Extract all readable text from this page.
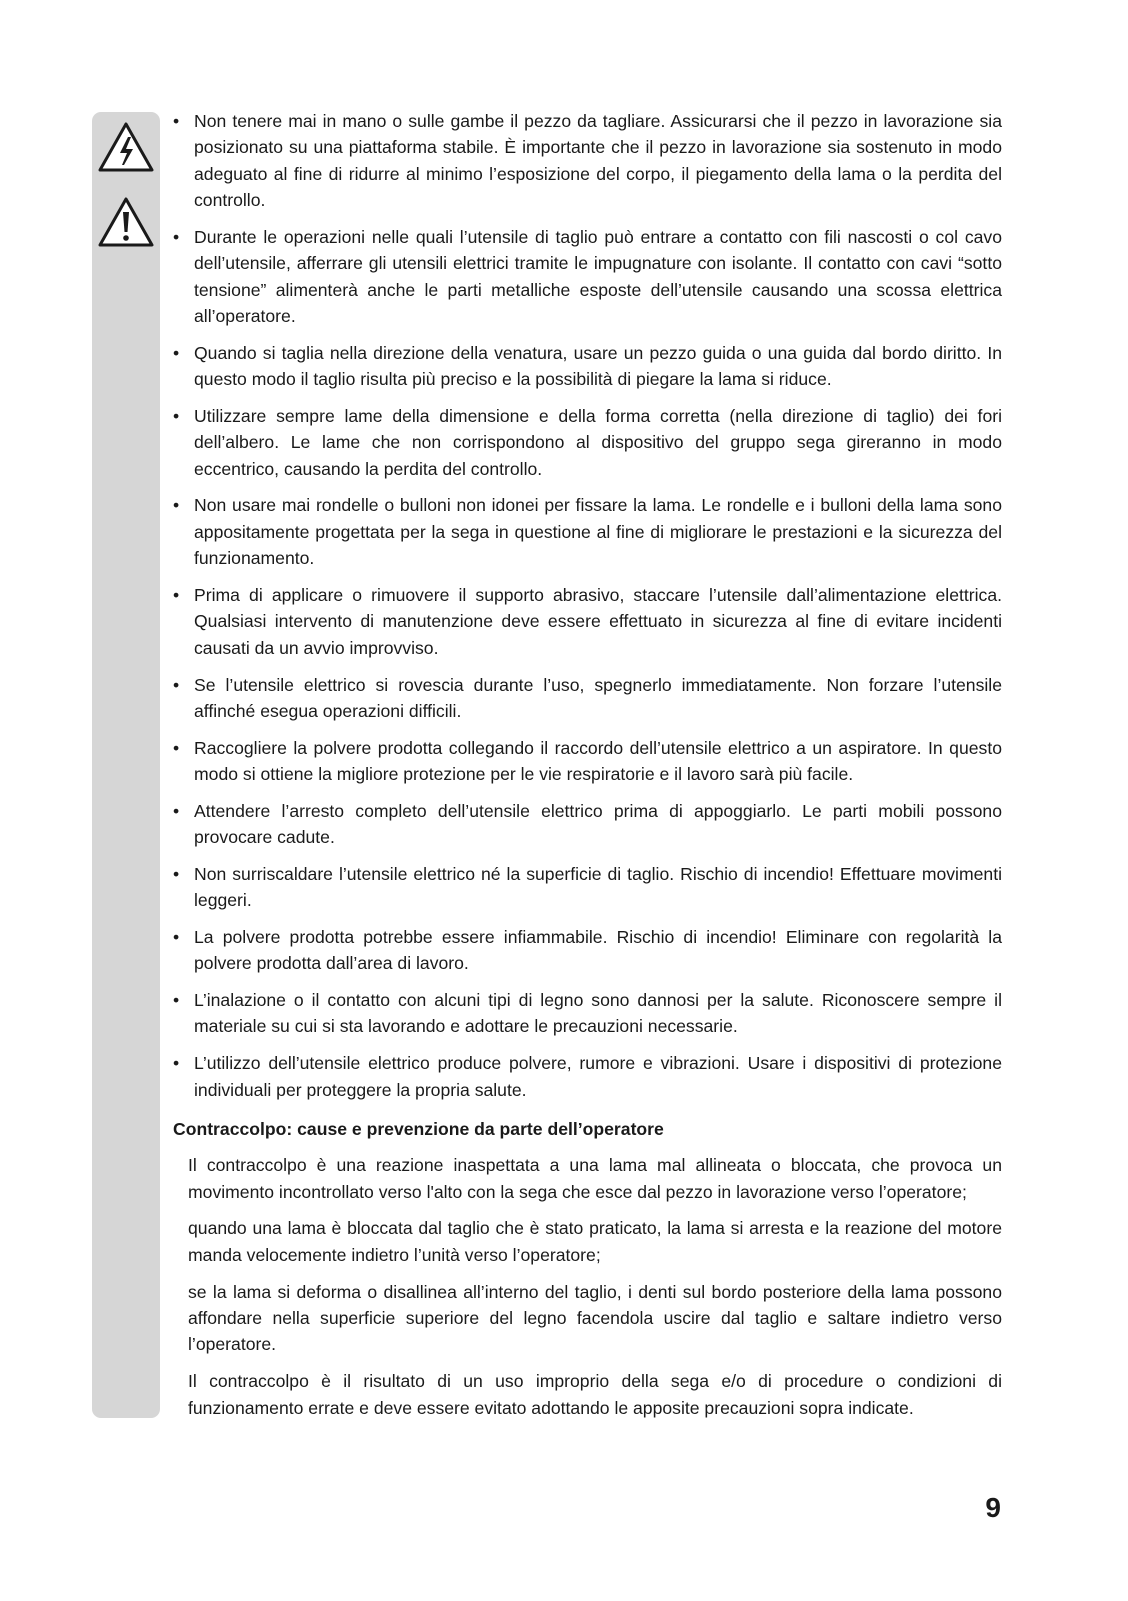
• Non tenere mai in mano o sulle gambe il pezzo da tagliare. Assicurarsi che il pezzo in lavorazione sia posizionato su una piattaforma stabile. È importante che il pezzo in lavorazione sia sostenuto in modo adeguato al fine di ridurre al minimo l’esposizione del corpo, il piegamento della lama o la perdita del controllo.
• Durante le operazioni nelle quali l’utensile di taglio può entrare a contatto con fili nascosti o col cavo dell’utensile, afferrare gli utensili elettrici tramite le impugnature con isolante. Il contatto con cavi “sotto tensione” alimenterà anche le parti metalliche esposte dell’utensile causando una scossa elettrica all’operatore.
• Quando si taglia nella direzione della venatura, usare un pezzo guida o una guida dal bordo diritto. In questo modo il taglio risulta più preciso e la possibilità di piegare la lama si riduce.
• Utilizzare sempre lame della dimensione e della forma corretta (nella direzione di taglio) dei fori dell’albero. Le lame che non corrispondono al dispositivo del gruppo sega gireranno in modo eccentrico, causando la perdita del controllo.
• Non usare mai rondelle o bulloni non idonei per fissare la lama. Le rondelle e i bulloni della lama sono appositamente progettata per la sega in questione al fine di migliorare le prestazioni e la sicurezza del funzionamento.
• Prima di applicare o rimuovere il supporto abrasivo, staccare l’utensile dall’alimentazione elettrica. Qualsiasi intervento di manutenzione deve essere effettuato in sicurezza al fine di evitare incidenti causati da un avvio improvviso.
• Se l’utensile elettrico si rovescia durante l’uso, spegnerlo immediatamente. Non forzare l’utensile affinché esegua operazioni difficili.
• Raccogliere la polvere prodotta collegando il raccordo dell’utensile elettrico a un aspiratore. In questo modo si ottiene la migliore protezione per le vie respiratorie e il lavoro sarà più facile.
• Attendere l’arresto completo dell’utensile elettrico prima di appoggiarlo. Le parti mobili possono provocare cadute.
• Non surriscaldare l’utensile elettrico né la superficie di taglio. Rischio di incendio! Effettuare movimenti leggeri.
• La polvere prodotta potrebbe essere infiammabile. Rischio di incendio! Eliminare con regolarità la polvere prodotta dall’area di lavoro.
• L’inalazione o il contatto con alcuni tipi di legno sono dannosi per la salute. Riconoscere sempre il materiale su cui si sta lavorando e adottare le precauzioni necessarie.
• L’utilizzo dell’utensile elettrico produce polvere, rumore e vibrazioni. Usare i dispositivi di protezione individuali per proteggere la propria salute.
Contraccolpo: cause e prevenzione da parte dell’operatore

Il contraccolpo è una reazione inaspettata a una lama mal allineata o bloccata, che provoca un movimento incontrollato verso l'alto con la sega che esce dal pezzo in lavorazione verso l’operatore;

quando una lama è bloccata dal taglio che è stato praticato, la lama si arresta e la reazione del motore manda velocemente indietro l’unità verso l’operatore;

se la lama si deforma o disallinea all’interno del taglio, i denti sul bordo posteriore della lama possono affondare nella superficie superiore del legno facendola uscire dal taglio e saltare indietro verso l’operatore.

Il contraccolpo è il risultato di un uso improprio della sega e/o di procedure o condizioni di funzionamento errate e deve essere evitato adottando le apposite precauzioni sopra indicate.

9
